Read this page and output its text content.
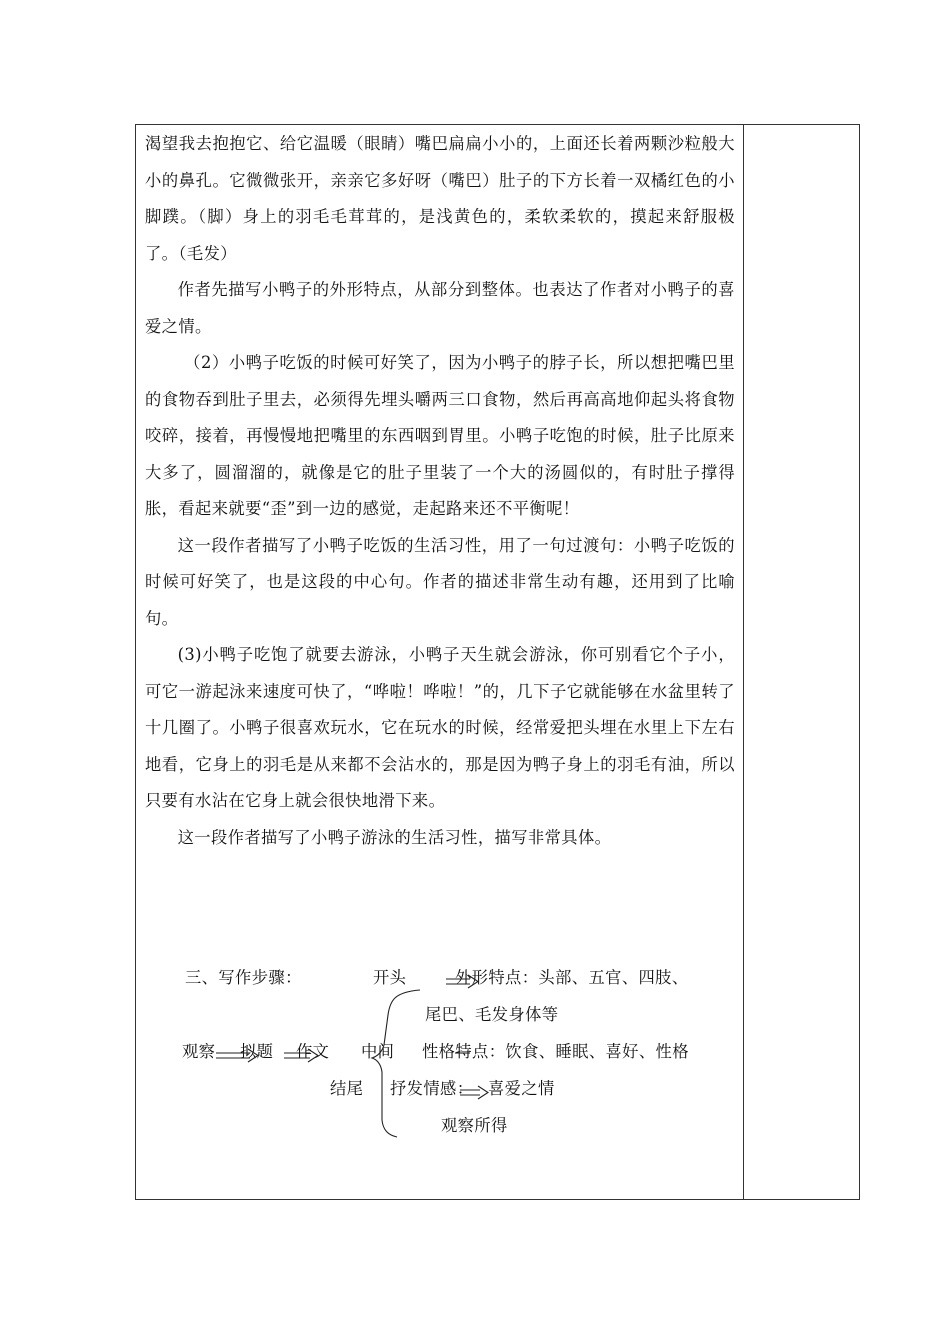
渴望我去抱抱它、给它温暖（眼睛）嘴巴扁扁小小的，上面还长着两颗沙粒般大小的鼻孔。它微微张开，亲亲它多好呀（嘴巴）肚子的下方长着一双橘红色的小脚蹼。（脚）身上的羽毛毛茸茸的，是浅黄色的，柔软柔软的，摸起来舒服极了。（毛发）

作者先描写小鸭子的外形特点，从部分到整体。也表达了作者对小鸭子的喜爱之情。

（2）小鸭子吃饭的时候可好笑了，因为小鸭子的脖子长，所以想把嘴巴里的食物吞到肚子里去，必须得先埋头嚼两三口食物，然后再高高地仰起头将食物咬碎，接着，再慢慢地把嘴里的东西咽到胃里。小鸭子吃饱的时候，肚子比原来大多了，圆溜溜的，就像是它的肚子里装了一个大的汤圆似的，有时肚子撑得胀，看起来就要“歪”到一边的感觉，走起路来还不平衡呢！

这一段作者描写了小鸭子吃饭的生活习性，用了一句过渡句：小鸭子吃饭的时候可好笑了，也是这段的中心句。作者的描述非常生动有趣，还用到了比喻句。

(3)小鸭子吃饱了就要去游泳，小鸭子天生就会游泳，你可别看它个子小，可它一游起泳来速度可快了，“哗啦！哗啦！”的，几下子它就能够在水盆里转了十几圈了。小鸭子很喜欢玩水，它在玩水的时候，经常爱把头埋在水里上下左右地看，它身上的羽毛是从来都不会沾水的，那是因为鸭子身上的羽毛有油，所以只要有水沾在它身上就会很快地滑下来。

这一段作者描写了小鸭子游泳的生活习性，描写非常具体。

三、写作步骤：	开头	外形特点：头部、五官、四肢、
尾巴、毛发身体等
观察 拟题 作文 中间 性格特点：饮食、睡眠、喜好、性格
结尾 抒发情感： 喜爱之情
观察所得
